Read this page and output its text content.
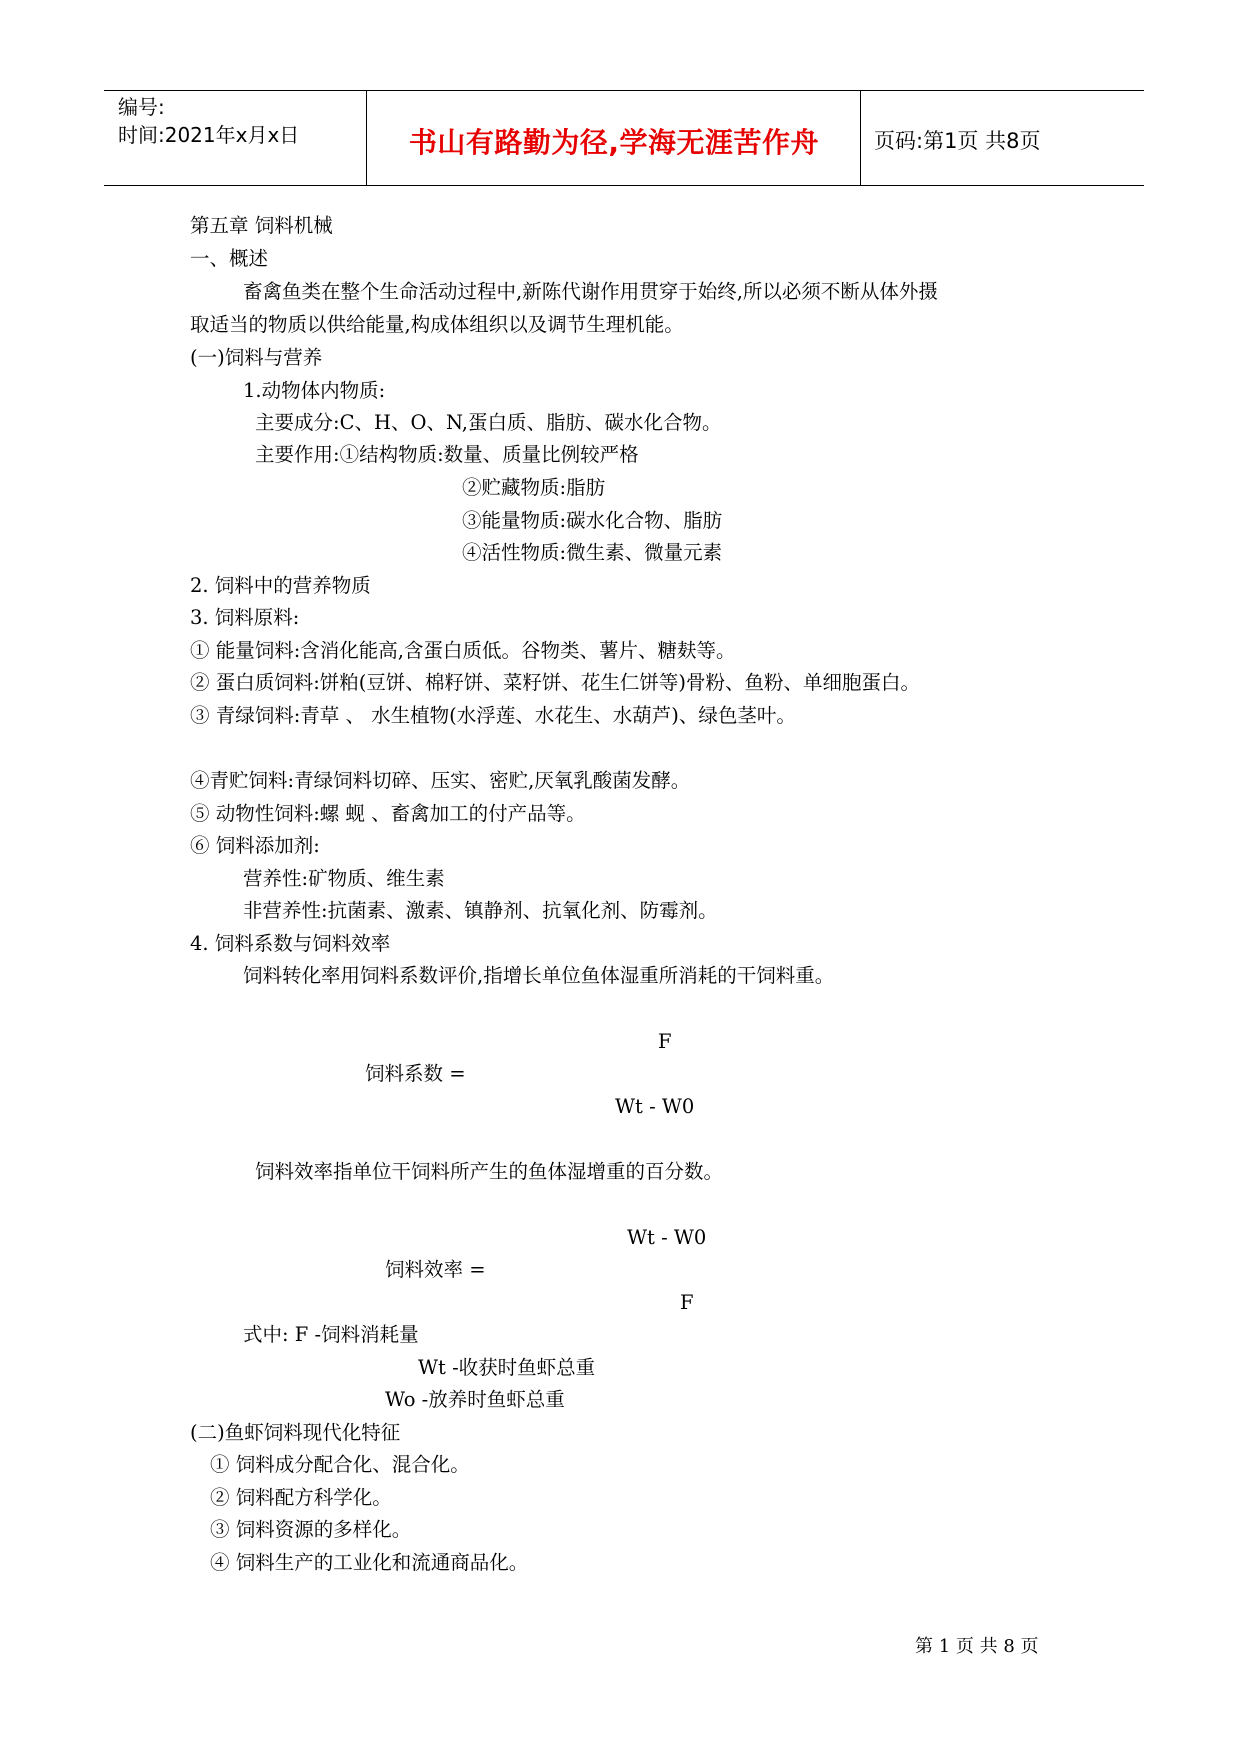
编号:
时间:2021年x月x日	书山有路勤为径,学海无涯苦作舟	页码:第1页 共8页
第五章 饲料机械
一、概述
畜禽鱼类在整个生命活动过程中,新陈代谢作用贯穿于始终,所以必须不断从体外摄
取适当的物质以供给能量,构成体组织以及调节生理机能。
(一)饲料与营养
1.动物体内物质:
主要成分:C、H、O、N,蛋白质、脂肪、碳水化合物。
主要作用:①结构物质:数量、质量比例较严格
②贮藏物质:脂肪
③能量物质:碳水化合物、脂肪
④活性物质:微生素、微量元素
2. 饲料中的营养物质
3. 饲料原料:
① 能量饲料:含消化能高,含蛋白质低。谷物类、薯片、糖麸等。
② 蛋白质饲料:饼粕(豆饼、棉籽饼、菜籽饼、花生仁饼等)骨粉、鱼粉、单细胞蛋白。
③ 青绿饲料:青草 、 水生植物(水浮莲、水花生、水葫芦)、绿色茎叶。
④青贮饲料:青绿饲料切碎、压实、密贮,厌氧乳酸菌发酵。
⑤ 动物性饲料:螺 蚬 、畜禽加工的付产品等。
⑥ 饲料添加剂:
营养性:矿物质、维生素
非营养性:抗菌素、激素、镇静剂、抗氧化剂、防霉剂。
4. 饲料系数与饲料效率
饲料转化率用饲料系数评价,指增长单位鱼体湿重所消耗的干饲料重。
F
饲料系数 =
Wt - W0
饲料效率指单位干饲料所产生的鱼体湿增重的百分数。
Wt - W0
饲料效率 =
F
式中: F -饲料消耗量
Wt -收获时鱼虾总重
Wo -放养时鱼虾总重
(二)鱼虾饲料现代化特征
① 饲料成分配合化、混合化。
② 饲料配方科学化。
③ 饲料资源的多样化。
④ 饲料生产的工业化和流通商品化。
第 1 页 共 8 页
